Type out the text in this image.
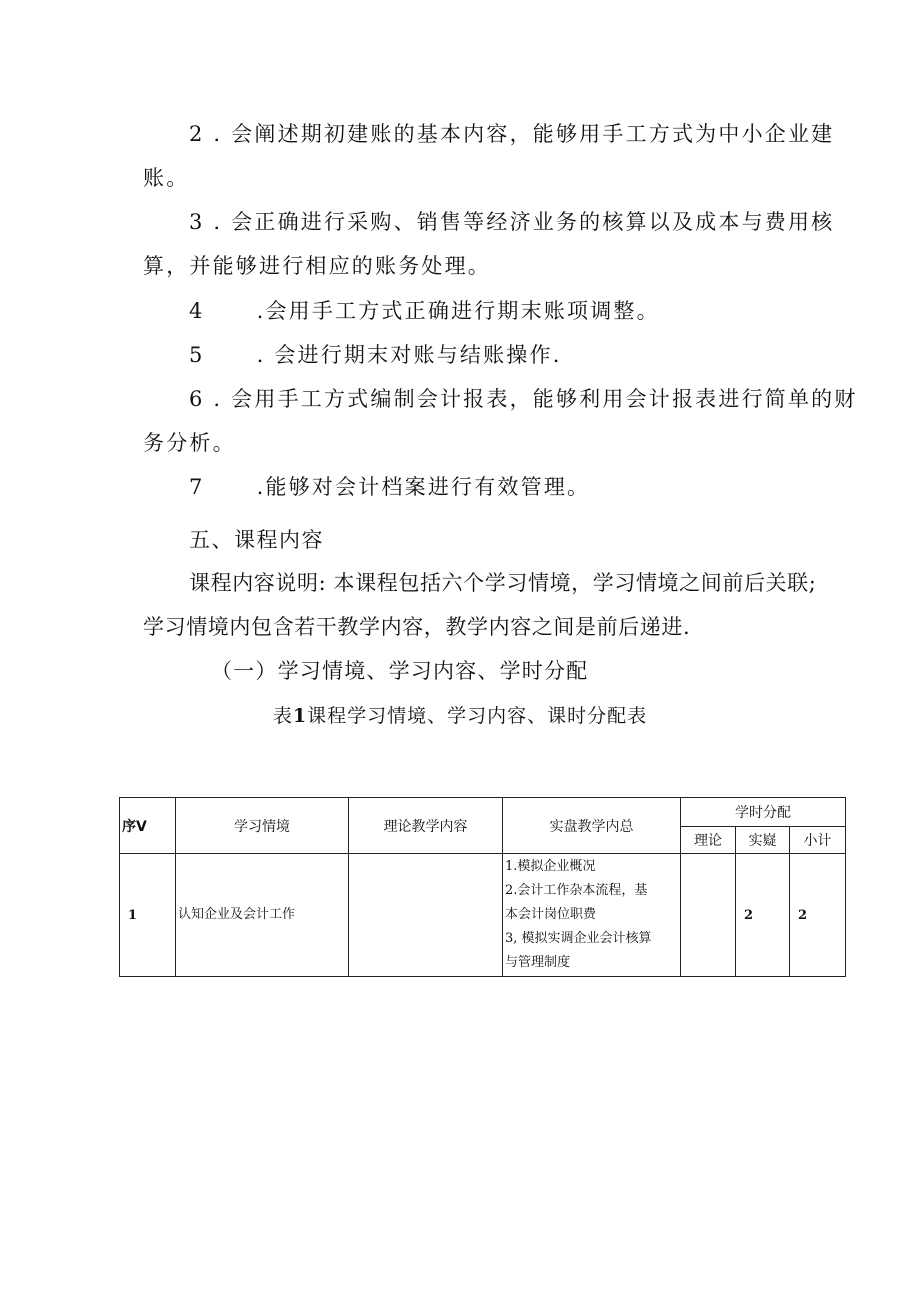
2 . 会阐述期初建账的基本内容，能够用手工方式为中小企业建
账。
3 . 会正确进行采购、销售等经济业务的核算以及成本与费用核
算，并能够进行相应的账务处理。
4 .会用手工方式正确进行期末账项调整。
5 . 会进行期末对账与结账操作.
6 . 会用手工方式编制会计报表，能够利用会计报表进行简单的财
务分析。
7 .能够对会计档案进行有效管理。
五、课程内容
课程内容说明: 本课程包括六个学习情境，学习情境之间前后关联;
学习情境内包含若干教学内容，教学内容之间是前后递进.
（一）学习情境、学习内容、学时分配
表1课程学习情境、学习内容、课时分配表
序V	学习情境	理论教学内容	实盘教学内总	学时分配		
				理论	实嶷	小计
1	认知企业及会计工作		1.模拟企业概况
2.会计工作杂本流程，基
本会计岗位职费
3, 模拟实调企业会计核算
与管理制度		2	2
